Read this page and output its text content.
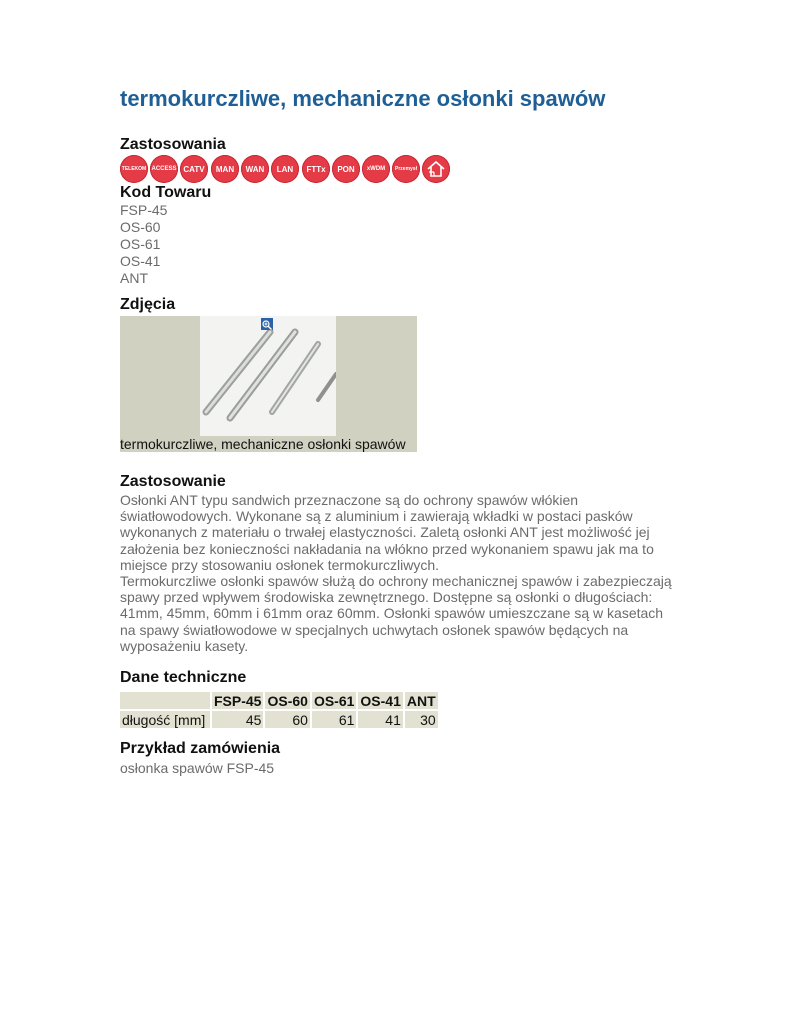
termokurczliwe, mechaniczne osłonki spawów
Zastosowania
TELEKOM ACCESS CATV MAN WAN LAN FTTx PON xWDM Przemysł
Kod Towaru
FSP-45
OS-60
OS-61
OS-41
ANT
Zdjęcia
termokurczliwe, mechaniczne osłonki spawów
Zastosowanie

Osłonki ANT typu sandwich przeznaczone są do ochrony spawów włókien światłowodowych. Wykonane są z aluminium i zawierają wkładki w postaci pasków wykonanych z materiału o trwałej elastyczności. Zaletą osłonki ANT jest możliwość jej założenia bez konieczności nakładania na włókno przed wykonaniem spawu jak ma to miejsce przy stosowaniu osłonek termokurczliwych.

Termokurczliwe osłonki spawów służą do ochrony mechanicznej spawów i zabezpieczają spawy przed wpływem środowiska zewnętrznego. Dostępne są osłonki o długościach: 41mm, 45mm, 60mm i 61mm oraz 60mm. Osłonki spawów umieszczane są w kasetach na spawy światłowodowe w specjalnych uchwytach osłonek spawów będących na wyposażeniu kasety.

Dane techniczne
	FSP-45	OS-60	OS-61	OS-41	ANT
długość [mm]	45	60	61	41	30
Przykład zamówienia
osłonka spawów FSP-45
